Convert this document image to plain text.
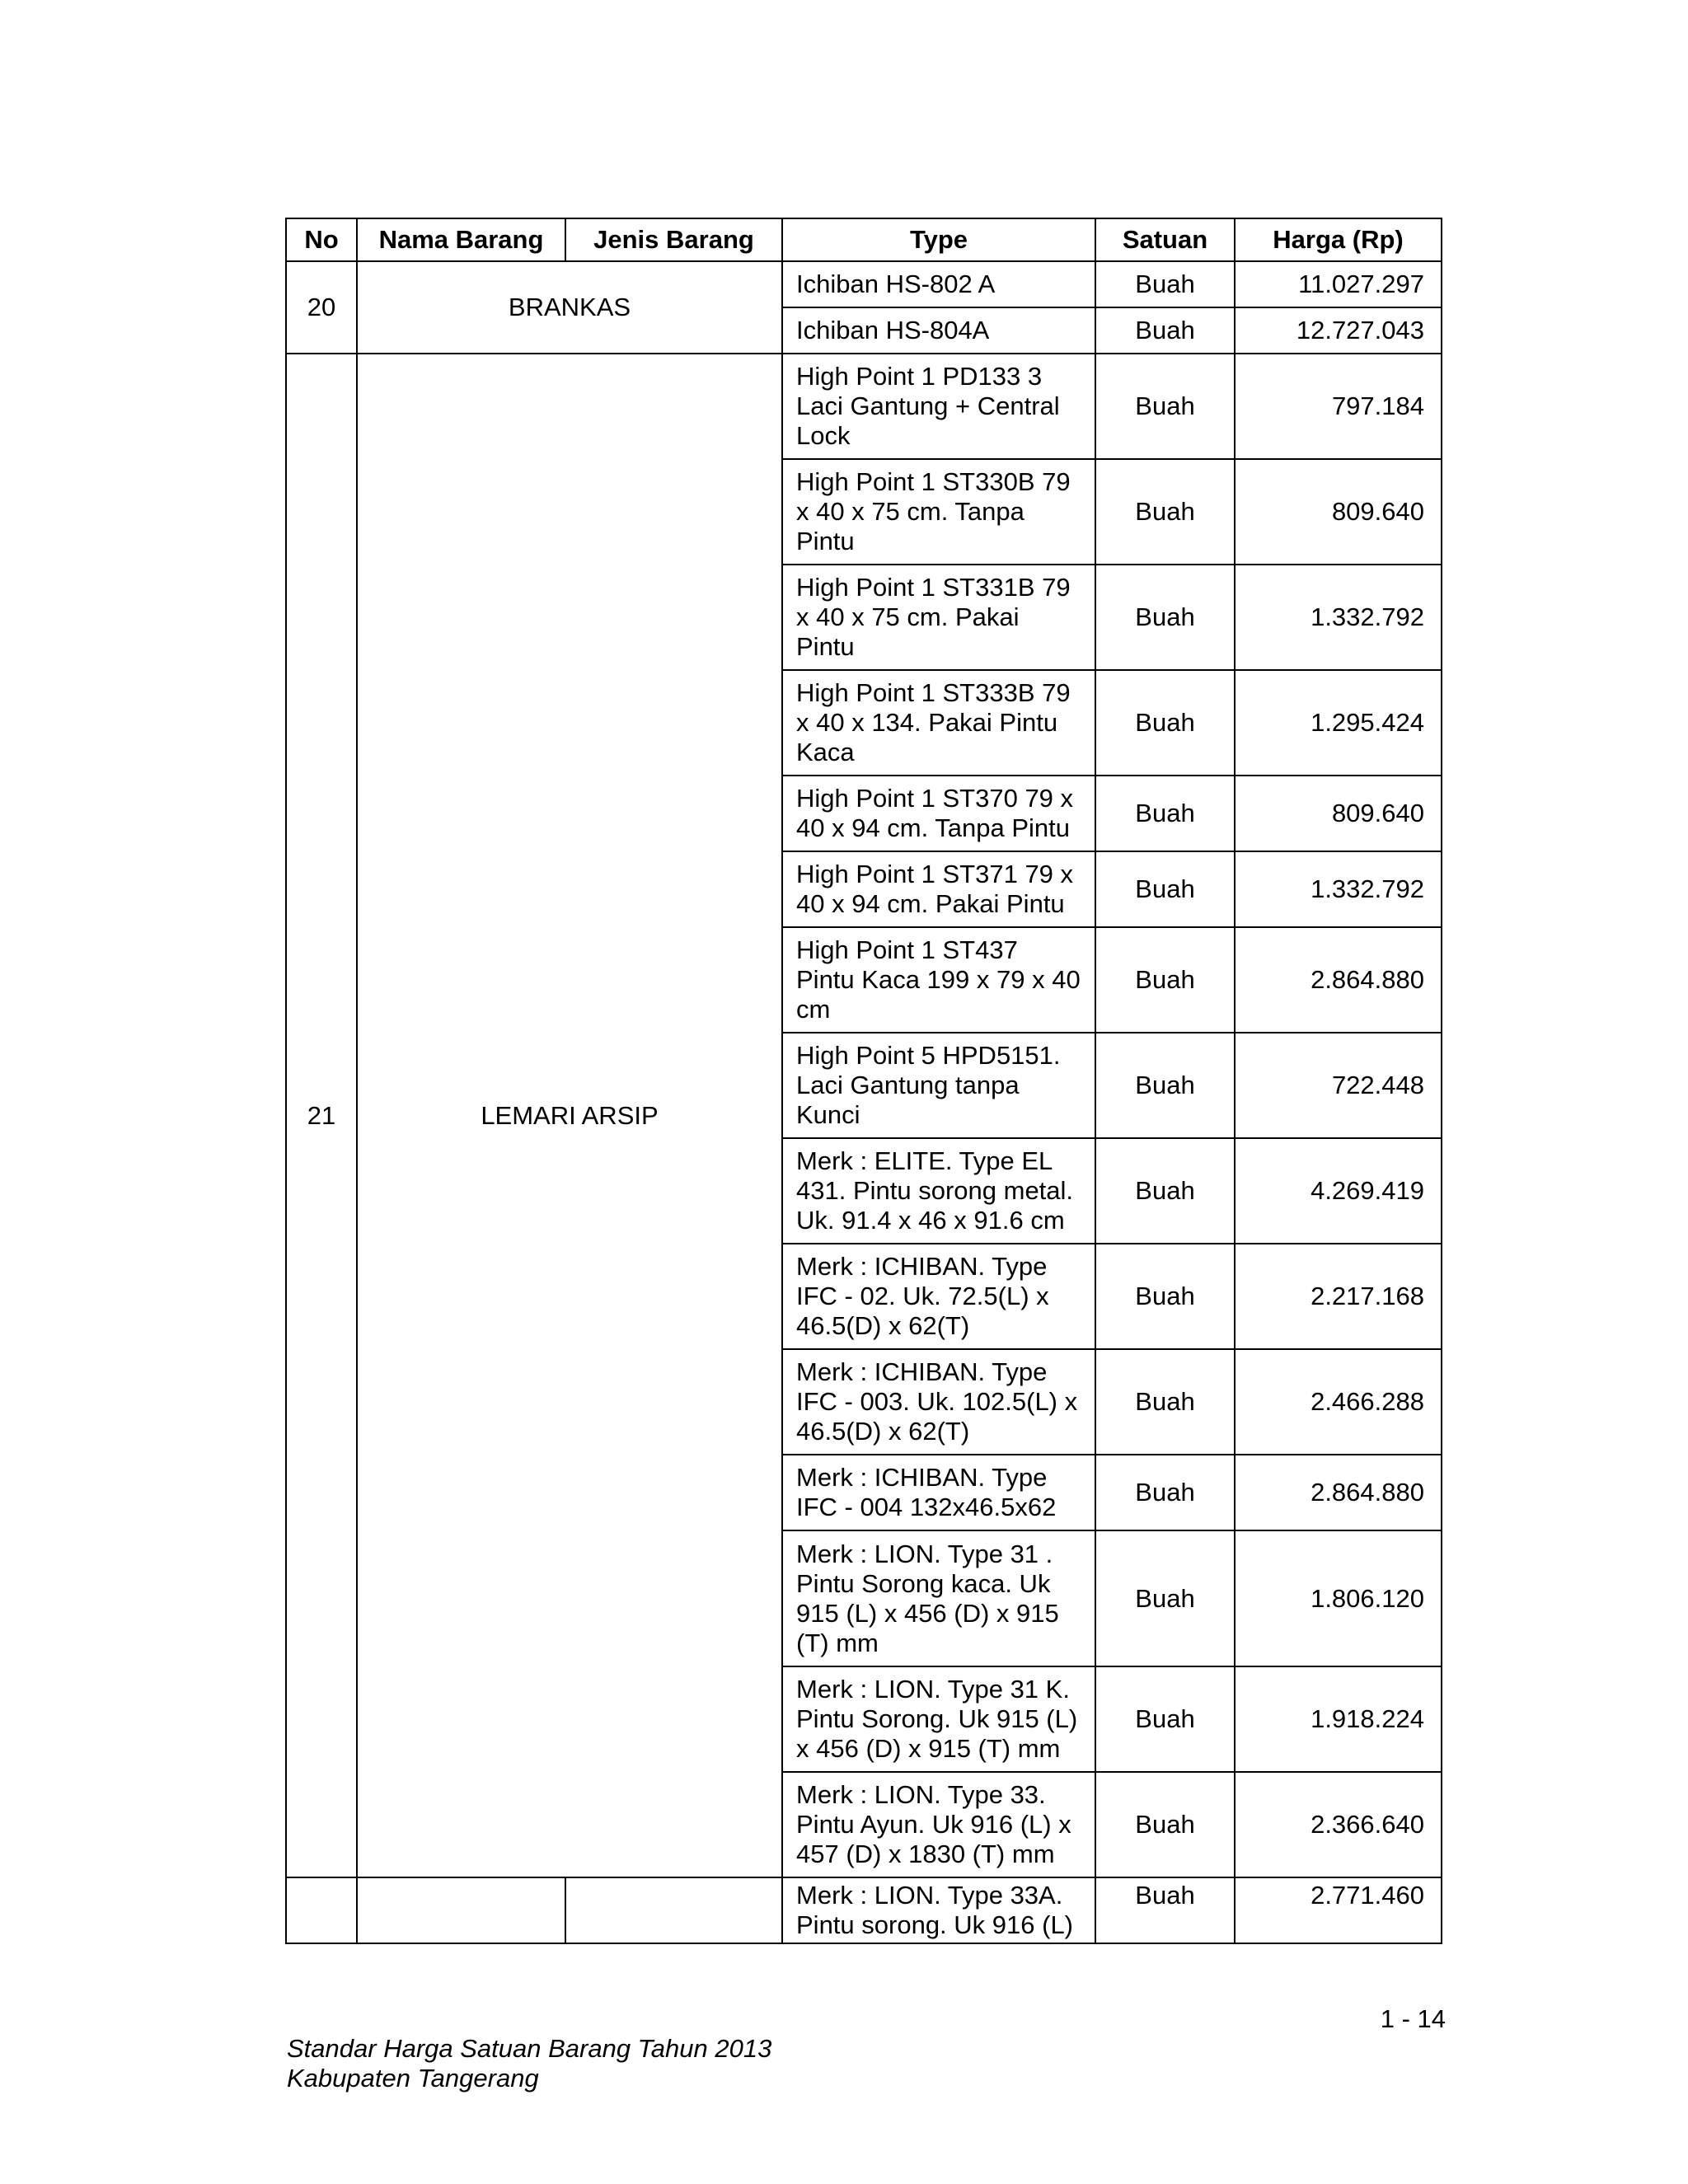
No	Nama Barang	Jenis Barang	Type	Satuan	Harga (Rp)
20	BRANKAS		Ichiban HS-802 A	Buah	11.027.297
			Ichiban HS-804A	Buah	12.727.043
21	LEMARI ARSIP		High Point 1 PD133 3 Laci Gantung + Central Lock	Buah	797.184
			High Point 1 ST330B 79 x 40 x 75 cm. Tanpa Pintu	Buah	809.640
			High Point 1 ST331B 79 x 40 x 75 cm. Pakai Pintu	Buah	1.332.792
			High Point 1 ST333B 79 x 40 x 134. Pakai Pintu Kaca	Buah	1.295.424
			High Point 1 ST370 79 x 40 x 94 cm. Tanpa Pintu	Buah	809.640
			High Point 1 ST371 79 x 40 x 94 cm. Pakai Pintu	Buah	1.332.792
			High Point 1 ST437 Pintu Kaca 199 x 79 x 40 cm	Buah	2.864.880
			High Point 5 HPD5151. Laci Gantung tanpa Kunci	Buah	722.448
			Merk : ELITE. Type EL 431. Pintu sorong metal. Uk. 91.4 x 46 x 91.6 cm	Buah	4.269.419
			Merk : ICHIBAN. Type IFC - 02. Uk. 72.5(L) x 46.5(D) x 62(T)	Buah	2.217.168
			Merk : ICHIBAN. Type IFC - 003. Uk. 102.5(L) x 46.5(D) x 62(T)	Buah	2.466.288
			Merk : ICHIBAN. Type IFC - 004 132x46.5x62	Buah	2.864.880
			Merk : LION. Type 31 . Pintu Sorong kaca. Uk 915 (L) x 456 (D) x 915 (T) mm	Buah	1.806.120
			Merk : LION. Type 31 K. Pintu Sorong. Uk 915 (L) x 456 (D) x 915 (T) mm	Buah	1.918.224
			Merk : LION. Type 33. Pintu Ayun. Uk 916 (L) x 457 (D) x 1830 (T) mm	Buah	2.366.640
			Merk : LION. Type 33A. Pintu sorong. Uk 916 (L)	Buah	2.771.460
1 - 14
Standar Harga Satuan Barang Tahun 2013
Kabupaten Tangerang
